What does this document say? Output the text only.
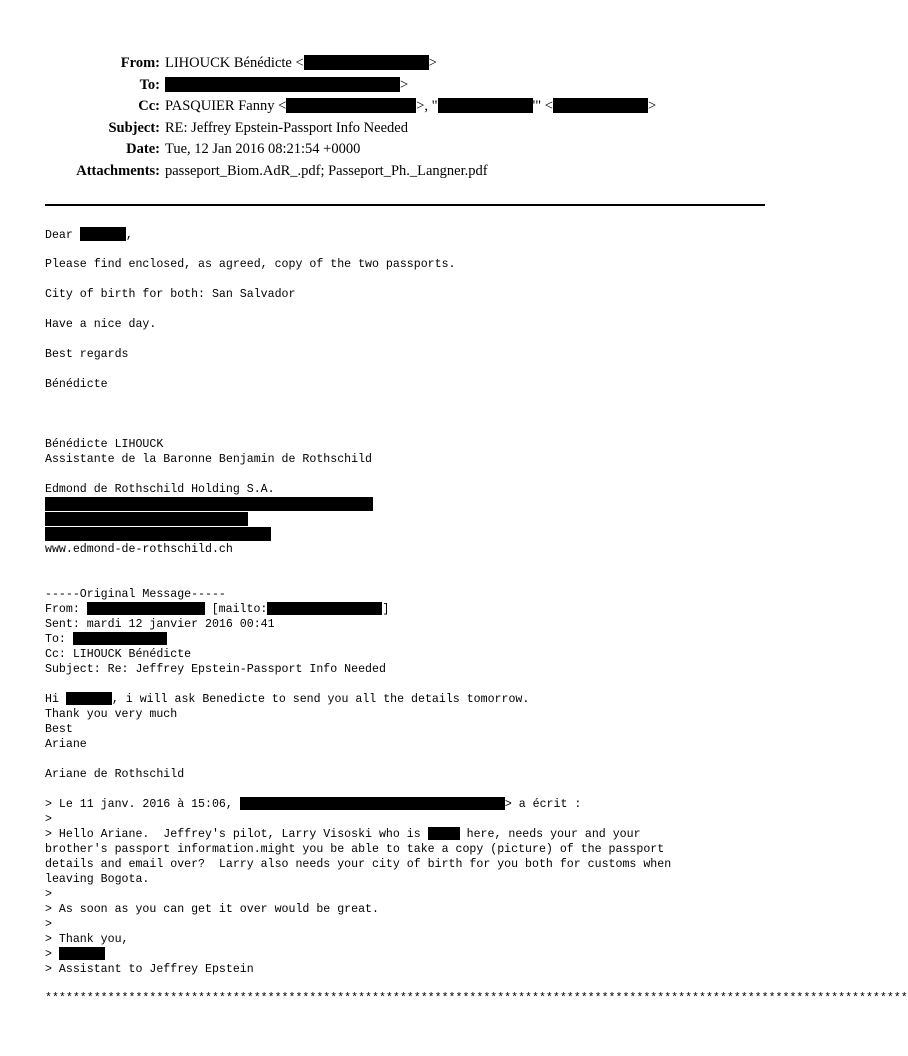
From: LIHOUCK Bénédicte <	>
To:	>
Cc: PASQUIER Fanny <	>, "	'" <	>
Subject: RE: Jeffrey Epstein-Passport Info Needed
Date: Tue, 12 Jan 2016 08:21:54 +0000
Attachments: passeport_Biom.AdR_.pdf; Passeport_Ph._Langner.pdf
Dear	,
Please find enclosed, as agreed, copy of the two passports.
City of birth for both: San Salvador
Have a nice day.
Best regards
Bénédicte
Bénédicte LIHOUCK
Assistante de la Baronne Benjamin de Rothschild
Edmond de Rothschild Holding S.A.
www.edmond-de-rothschild.ch
-----Original Message-----
From:	[mailto:	]
Sent: mardi 12 janvier 2016 00:41
To:
Cc: LIHOUCK Bénédicte
Subject: Re: Jeffrey Epstein-Passport Info Needed
Hi	, i will ask Benedicte to send you all the details tomorrow.
Thank you very much
Best
Ariane
Ariane de Rothschild
> Le 11 janv. 2016 à 15:06,	> a écrit :
>
> Hello Ariane.  Jeffrey's pilot, Larry Visoski who is	here, needs your and your
brother's passport information.might you be able to take a copy (picture) of the passport
details and email over?  Larry also needs your city of birth for you both for customs when
leaving Bogota.
>
> As soon as you can get it over would be great.
>
> Thank you,
>
> Assistant to Jeffrey Epstein
****************************************************************************************************************************
